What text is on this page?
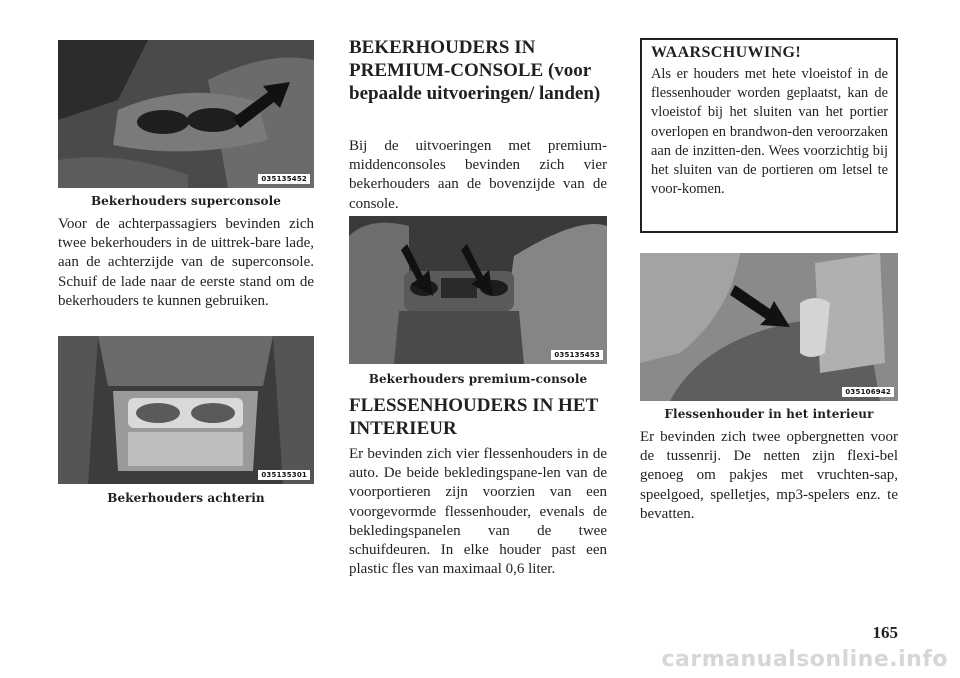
035135452
Bekerhouders superconsole

Voor de achterpassagiers bevinden zich twee bekerhouders in de uittrek-bare lade, aan de achterzijde van de superconsole. Schuif de lade naar de eerste stand om de bekerhouders te kunnen gebruiken.

035135301
Bekerhouders achterin
BEKERHOUDERS IN PREMIUM-CONSOLE (voor bepaalde uitvoeringen/ landen)

Bij de uitvoeringen met premium-middenconsoles bevinden zich vier bekerhouders aan de bovenzijde van de console.

035135453
Bekerhouders premium-console
FLESSENHOUDERS IN HET INTERIEUR

Er bevinden zich vier flessenhouders in de auto. De beide bekledingspane-len van de voorportieren zijn voorzien van een voorgevormde flessenhouder, evenals de bekledingspanelen van de twee schuifdeuren. In elke houder past een plastic fles van maximaal 0,6 liter.

WAARSCHUWING!

Als er houders met hete vloeistof in de flessenhouder worden geplaatst, kan de vloeistof bij het sluiten van het portier overlopen en brandwon-den veroorzaken aan de inzitten-den. Wees voorzichtig bij het sluiten van de portieren om letsel te voor-komen.

035106942
Flessenhouder in het interieur

Er bevinden zich twee opbergnetten voor de tussenrij. De netten zijn flexi-bel genoeg om pakjes met vruchten-sap, speelgoed, spelletjes, mp3-spelers enz. te bevatten.

165
carmanualsonline.info
